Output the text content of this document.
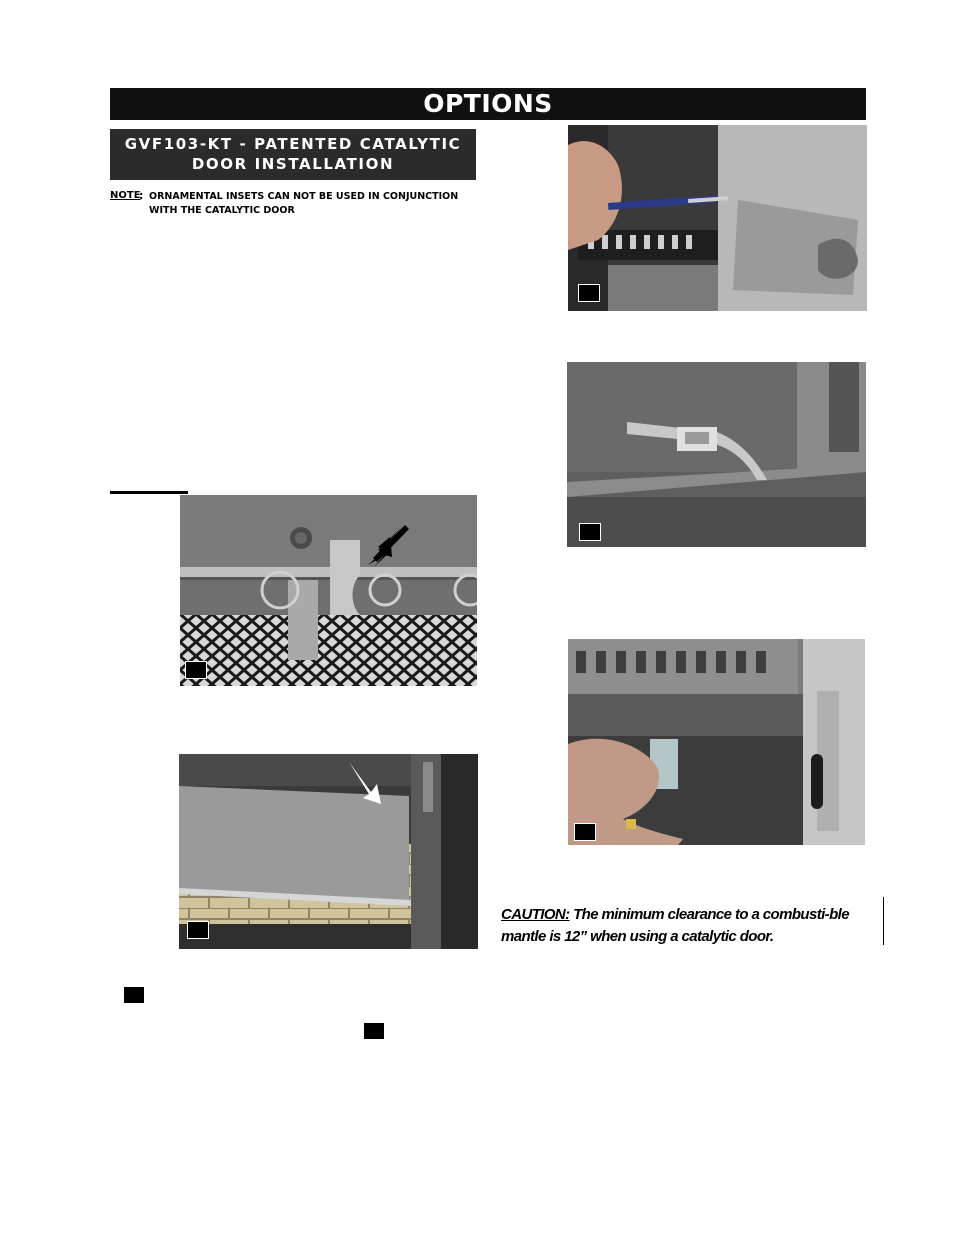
OPTIONS
GVF103-KT - PATENTED CATALYTIC
DOOR INSTALLATION
NOTE
: ORNAMENTAL INSETS CAN NOT BE USED IN CONJUNCTION WITH THE CATALYTIC DOOR
CAUTION: The minimum clearance to a combusti-ble mantle is 12” when using a catalytic door.
